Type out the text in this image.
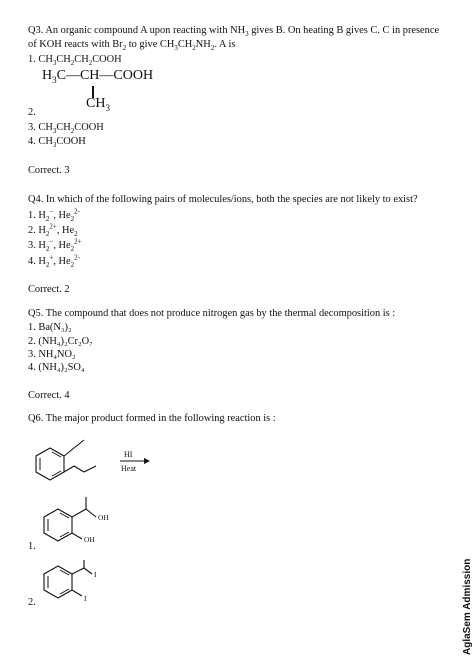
Q3. An organic compound A upon reacting with $NH_3$ gives B. On heating B gives C. C in presence
of KOH reacts with $Br_2$ to give $CH_3CH_2NH_2$. A is
1. $CH_3CH_2CH_2COOH$
$H_3C—CH—COOH$
$CH_3$
2.
3. $CH_3CH_2COOH$
4. $CH_3COOH$
Correct. 3
Q4. In which of the following pairs of molecules/ions, both the species are not likely to exist?
1. $H_2^-$, $He_2^{2-}$
2. $H_2^{2+}$, $He_2$
3. $H_2^-$, $He_2^{2+}$
4. $H_2^+$, $He_2^{2-}$
Correct. 2
Q5. The compound that does not produce nitrogen gas by the thermal decomposition is :
1. Ba(N₃)₂
2. (NH₄)₂Cr₂O₇
3. NH₄NO₂
4. (NH₄)₂SO₄
Correct. 4
Q6. The major product formed in the following reaction is :
HI
Heat
OH
OH
1.
I
I
2.	AglaSem Admission
